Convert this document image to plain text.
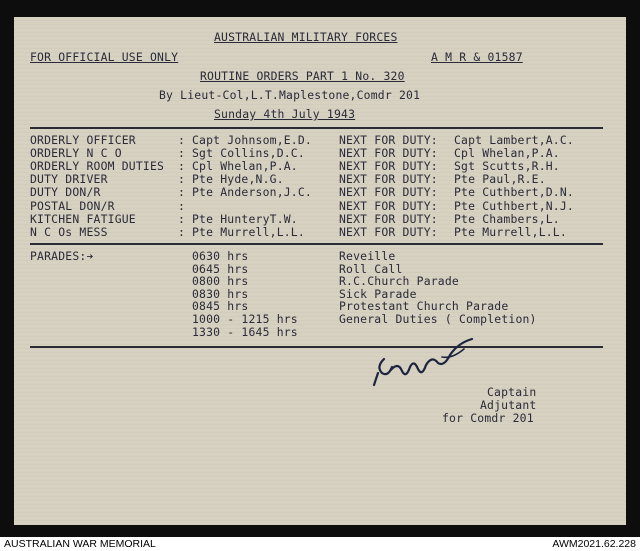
AUSTRALIAN MILITARY FORCES
FOR OFFICIAL USE ONLY	A M R & 01587
ROUTINE ORDERS PART 1 No. 320
By Lieut-Col,L.T.Maplestone,Comdr 201
Sunday 4th July 1943
ORDERLY OFFICER	: Capt Johnsom,E.D. NEXT FOR DUTY: Capt Lambert,A.C.
ORDERLY N C O	: Sgt Collins,D.C.	NEXT FOR DUTY: Cpl Whelan,P.A.
ORDERLY ROOM DUTIES : Cpl Whelan,P.A.	NEXT FOR DUTY: Sgt Scutts,R.H.
DUTY DRIVER	: Pte Hyde,N.G.	NEXT FOR DUTY: Pte Paul,R.E.
DUTY DON/R	: Pte Anderson,J.C. NEXT FOR DUTY: Pte Cuthbert,D.N.
POSTAL DON/R	:	NEXT FOR DUTY: Pte Cuthbert,N.J.
KITCHEN FATIGUE	: Pte HunteryT.W.	NEXT FOR DUTY: Pte Chambers,L.
N C Os MESS	: Pte Murrell,L.L.	NEXT FOR DUTY: Pte Murrell,L.L.
PARADES:➔	0630 hrs	Reveille
0645 hrs	Roll Call
0800 hrs	R.C.Church Parade
0830 hrs	Sick Parade
0845 hrs	Protestant Church Parade
1000 - 1215 hrs	General Duties ( Completion)
1330 - 1645 hrs
Captain
Adjutant
for Comdr 201
AUSTRALIAN WAR MEMORIAL	AWM2021.62.228
